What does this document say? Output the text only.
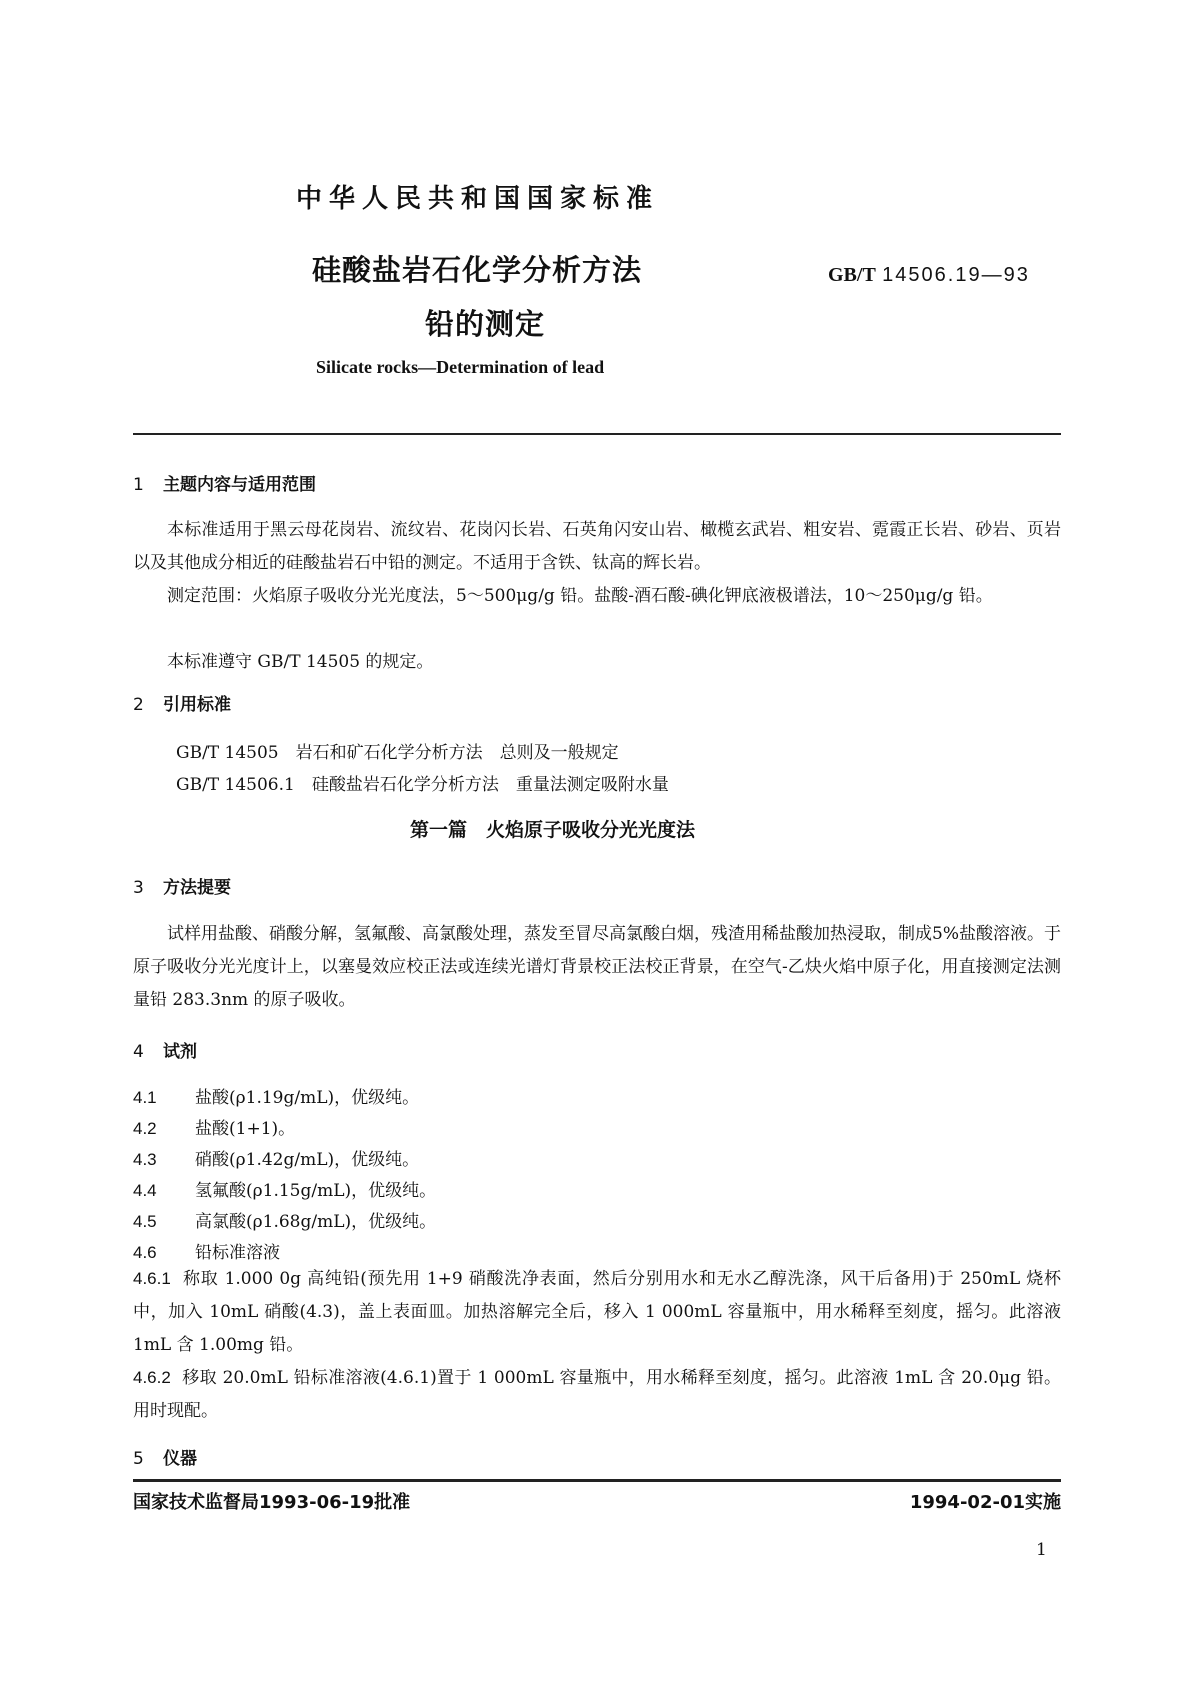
中华人民共和国国家标准
硅酸盐岩石化学分析方法
铅的测定
GB/T 14506.19—93
Silicate rocks—Determination of lead
1 主题内容与适用范围
本标准适用于黑云母花岗岩、流纹岩、花岗闪长岩、石英角闪安山岩、橄榄玄武岩、粗安岩、霓霞正长岩、砂岩、页岩以及其他成分相近的硅酸盐岩石中铅的测定。不适用于含铁、钛高的辉长岩。
测定范围：火焰原子吸收分光光度法，5～500μg/g 铅。盐酸-酒石酸-碘化钾底液极谱法，10～250μg/g 铅。
本标准遵守 GB/T 14505 的规定。
2 引用标准
GB/T 14505　岩石和矿石化学分析方法　总则及一般规定
GB/T 14506.1　硅酸盐岩石化学分析方法　重量法测定吸附水量
第一篇　火焰原子吸收分光光度法
3 方法提要
试样用盐酸、硝酸分解，氢氟酸、高氯酸处理，蒸发至冒尽高氯酸白烟，残渣用稀盐酸加热浸取，制成5%盐酸溶液。于原子吸收分光光度计上，以塞曼效应校正法或连续光谱灯背景校正法校正背景，在空气-乙炔火焰中原子化，用直接测定法测量铅 283.3nm 的原子吸收。
4 试剂
4.1 盐酸(ρ1.19g/mL)，优级纯。
4.2 盐酸(1+1)。
4.3 硝酸(ρ1.42g/mL)，优级纯。
4.4 氢氟酸(ρ1.15g/mL)，优级纯。
4.5 高氯酸(ρ1.68g/mL)，优级纯。
4.6 铅标准溶液
4.6.1 称取 1.000 0g 高纯铅(预先用 1+9 硝酸洗净表面，然后分别用水和无水乙醇洗涤，风干后备用)于 250mL 烧杯中，加入 10mL 硝酸(4.3)，盖上表面皿。加热溶解完全后，移入 1 000mL 容量瓶中，用水稀释至刻度，摇匀。此溶液 1mL 含 1.00mg 铅。
4.6.2 移取 20.0mL 铅标准溶液(4.6.1)置于 1 000mL 容量瓶中，用水稀释至刻度，摇匀。此溶液 1mL 含 20.0μg 铅。用时现配。
5 仪器
国家技术监督局1993-06-19批准	1994-02-01实施
1
